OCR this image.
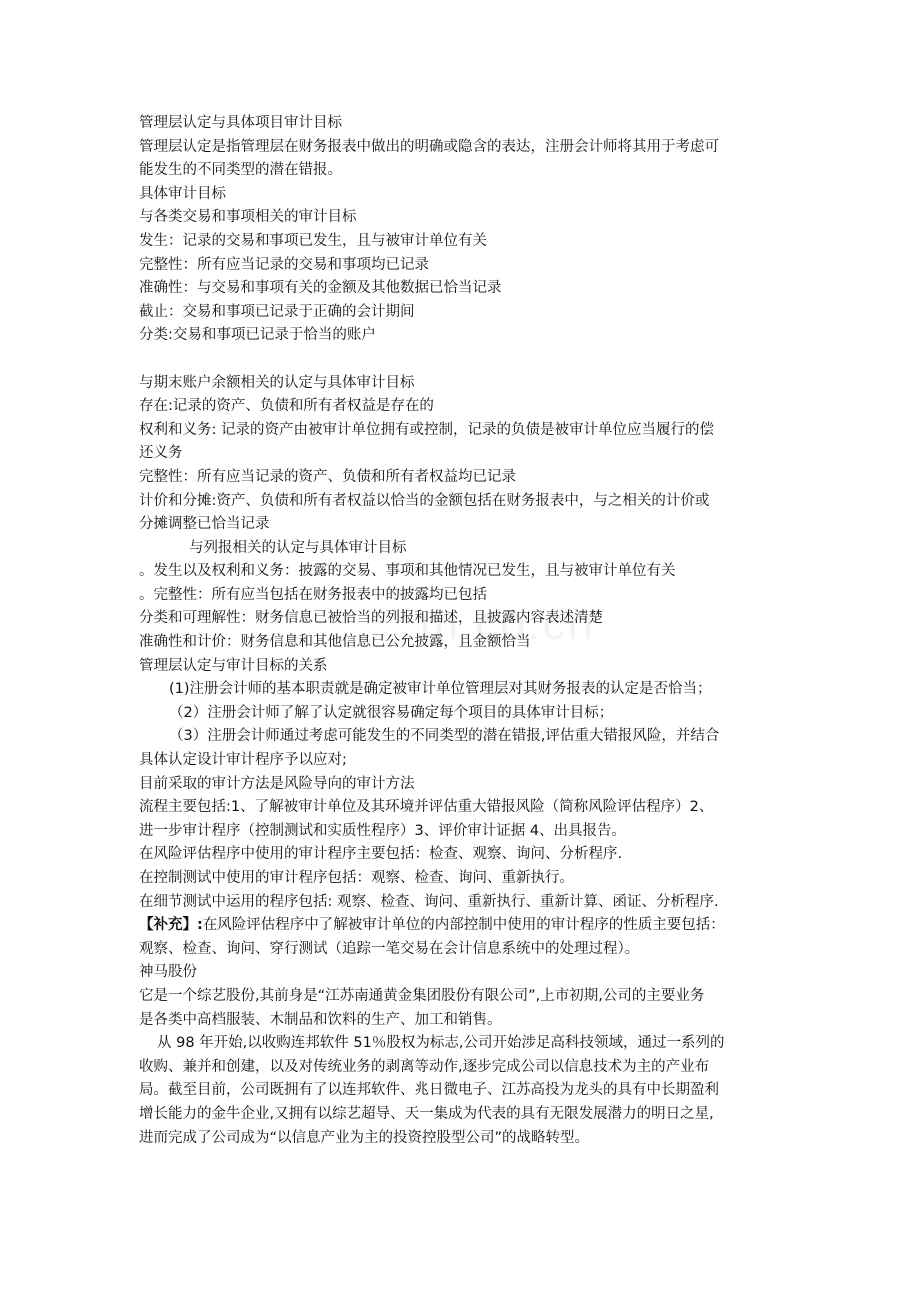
管理层认定与具体项目审计目标
管理层认定是指管理层在财务报表中做出的明确或隐含的表达，注册会计师将其用于考虑可
能发生的不同类型的潜在错报。
具体审计目标
与各类交易和事项相关的审计目标
发生：记录的交易和事项已发生，且与被审计单位有关
完整性：所有应当记录的交易和事项均已记录
准确性：与交易和事项有关的金额及其他数据已恰当记录
截止：交易和事项已记录于正确的会计期间
分类:交易和事项已记录于恰当的账户
与期末账户余额相关的认定与具体审计目标
存在:记录的资产、负债和所有者权益是存在的
权利和义务: 记录的资产由被审计单位拥有或控制，记录的负债是被审计单位应当履行的偿
还义务
完整性：所有应当记录的资产、负债和所有者权益均已记录
计价和分摊:资产、负债和所有者权益以恰当的金额包括在财务报表中，与之相关的计价或
分摊调整已恰当记录
与列报相关的认定与具体审计目标
。发生以及权利和义务：披露的交易、事项和其他情况已发生，且与被审计单位有关
。完整性：所有应当包括在财务报表中的披露均已包括
分类和可理解性：财务信息已被恰当的列报和描述，且披露内容表述清楚
准确性和计价：财务信息和其他信息已公允披露，且金额恰当
管理层认定与审计目标的关系
(1)注册会计师的基本职责就是确定被审计单位管理层对其财务报表的认定是否恰当；
（2）注册会计师了解了认定就很容易确定每个项目的具体审计目标；
（3）注册会计师通过考虑可能发生的不同类型的潜在错报,评估重大错报风险，并结合
具体认定设计审计程序予以应对;
目前采取的审计方法是风险导向的审计方法
流程主要包括:1、了解被审计单位及其环境并评估重大错报风险（简称风险评估程序）2、
进一步审计程序（控制测试和实质性程序）3、评价审计证据 4、出具报告。
在风险评估程序中使用的审计程序主要包括：检查、观察、询问、分析程序.
在控制测试中使用的审计程序包括：观察、检查、询问、重新执行。
在细节测试中运用的程序包括: 观察、检查、询问、重新执行、重新计算、函证、分析程序.
【补充】:在风险评估程序中了解被审计单位的内部控制中使用的审计程序的性质主要包括：
观察、检查、询问、穿行测试（追踪一笔交易在会计信息系统中的处理过程）。
神马股份
它是一个综艺股份,其前身是“江苏南通黄金集团股份有限公司”,上市初期,公司的主要业务
是各类中高档服装、木制品和饮料的生产、加工和销售。
从 98 年开始,以收购连邦软件 51％股权为标志,公司开始涉足高科技领域，通过一系列的
收购、兼并和创建，以及对传统业务的剥离等动作,逐步完成公司以信息技术为主的产业布
局。截至目前，公司既拥有了以连邦软件、兆日微电子、江苏高投为龙头的具有中长期盈利
增长能力的金牛企业,又拥有以综艺超导、天一集成为代表的具有无限发展潜力的明日之星,
进而完成了公司成为“以信息产业为主的投资控股型公司”的战略转型。
